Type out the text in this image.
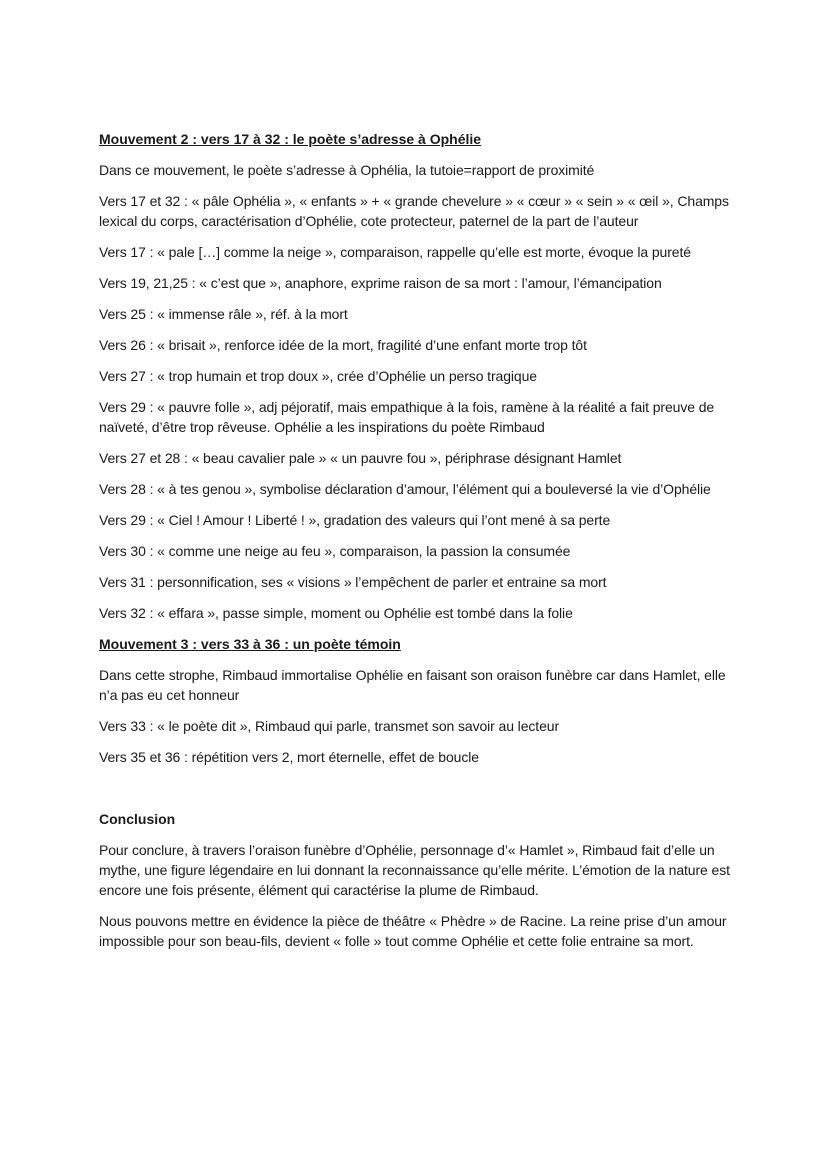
Mouvement 2 : vers 17 à 32 : le poète s’adresse à Ophélie

Dans ce mouvement, le poète s’adresse à Ophélia, la tutoie=rapport de proximité

Vers 17 et 32 : « pâle Ophélia », « enfants » + « grande chevelure » « cœur » « sein » « œil », Champs lexical du corps, caractérisation d’Ophélie, cote protecteur, paternel de la part de l’auteur

Vers 17 : « pale […] comme la neige », comparaison, rappelle qu’elle est morte, évoque la pureté

Vers 19, 21,25 : « c’est que », anaphore, exprime raison de sa mort : l’amour, l’émancipation

Vers 25 : « immense râle », réf. à la mort

Vers 26 : « brisait », renforce idée de la mort, fragilité d’une enfant morte trop tôt

Vers 27 : « trop humain et trop doux », crée d’Ophélie un perso tragique

Vers 29 : « pauvre folle », adj péjoratif, mais empathique à la fois, ramène à la réalité a fait preuve de naïveté, d’être trop rêveuse. Ophélie a les inspirations du poète Rimbaud

Vers 27 et 28 : « beau cavalier pale » « un pauvre fou », périphrase désignant Hamlet

Vers 28 : « à tes genou », symbolise déclaration d’amour, l’élément qui a bouleversé la vie d’Ophélie

Vers 29 : « Ciel ! Amour ! Liberté ! », gradation des valeurs qui l’ont mené à sa perte

Vers 30 : « comme une neige au feu », comparaison, la passion la consumée

Vers 31 : personnification, ses « visions » l’empêchent de parler et entraine sa mort

Vers 32 : « effara », passe simple, moment ou Ophélie est tombé dans la folie

Mouvement 3 : vers 33 à 36 : un poète témoin

Dans cette strophe, Rimbaud immortalise Ophélie en faisant son oraison funèbre car dans Hamlet, elle n’a pas eu cet honneur

Vers 33 : « le poète dit », Rimbaud qui parle, transmet son savoir au lecteur

Vers 35 et 36 : répétition vers 2, mort éternelle, effet de boucle

Conclusion

Pour conclure, à travers l’oraison funèbre d’Ophélie, personnage d’« Hamlet », Rimbaud fait d’elle un mythe, une figure légendaire en lui donnant la reconnaissance qu’elle mérite. L’émotion de la nature est encore une fois présente, élément qui caractérise la plume de Rimbaud.

Nous pouvons mettre en évidence la pièce de théâtre « Phèdre » de Racine. La reine prise d’un amour impossible pour son beau-fils, devient « folle » tout comme Ophélie et cette folie entraine sa mort.
